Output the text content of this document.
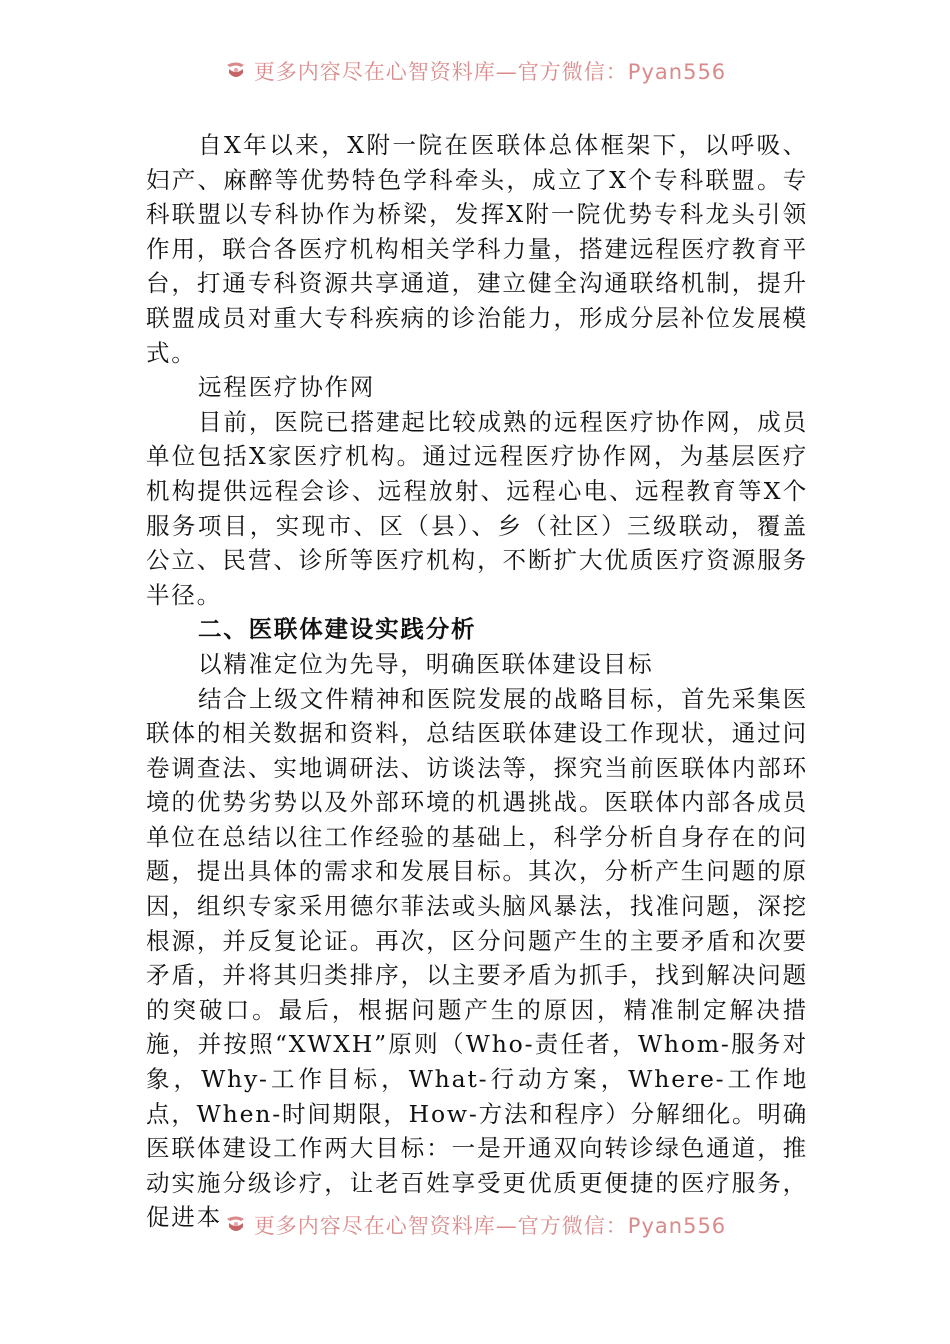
更多内容尽在心智资料库—官方微信：Pyan556

自X年以来，X附一院在医联体总体框架下，以呼吸、妇产、麻醉等优势特色学科牵头，成立了X个专科联盟。专科联盟以专科协作为桥梁，发挥X附一院优势专科龙头引领作用，联合各医疗机构相关学科力量，搭建远程医疗教育平台，打通专科资源共享通道，建立健全沟通联络机制，提升联盟成员对重大专科疾病的诊治能力，形成分层补位发展模式。

远程医疗协作网

目前，医院已搭建起比较成熟的远程医疗协作网，成员单位包括X家医疗机构。通过远程医疗协作网，为基层医疗机构提供远程会诊、远程放射、远程心电、远程教育等X个服务项目，实现市、区（县）、乡（社区）三级联动，覆盖公立、民营、诊所等医疗机构，不断扩大优质医疗资源服务半径。

二、医联体建设实践分析

以精准定位为先导，明确医联体建设目标

结合上级文件精神和医院发展的战略目标，首先采集医联体的相关数据和资料，总结医联体建设工作现状，通过问卷调查法、实地调研法、访谈法等，探究当前医联体内部环境的优势劣势以及外部环境的机遇挑战。医联体内部各成员单位在总结以往工作经验的基础上，科学分析自身存在的问题，提出具体的需求和发展目标。其次，分析产生问题的原因，组织专家采用德尔菲法或头脑风暴法，找准问题，深挖根源，并反复论证。再次，区分问题产生的主要矛盾和次要矛盾，并将其归类排序，以主要矛盾为抓手，找到解决问题的突破口。最后，根据问题产生的原因，精准制定解决措施，并按照“XWXH”原则（Who-责任者，Whom-服务对象，Why-工作目标，What-行动方案，Where-工作地点，When-时间期限，How-方法和程序）分解细化。明确医联体建设工作两大目标：一是开通双向转诊绿色通道，推动实施分级诊疗，让老百姓享受更优质更便捷的医疗服务，促进本	更多内容尽在心智资料库—官方微信：Pyan556
